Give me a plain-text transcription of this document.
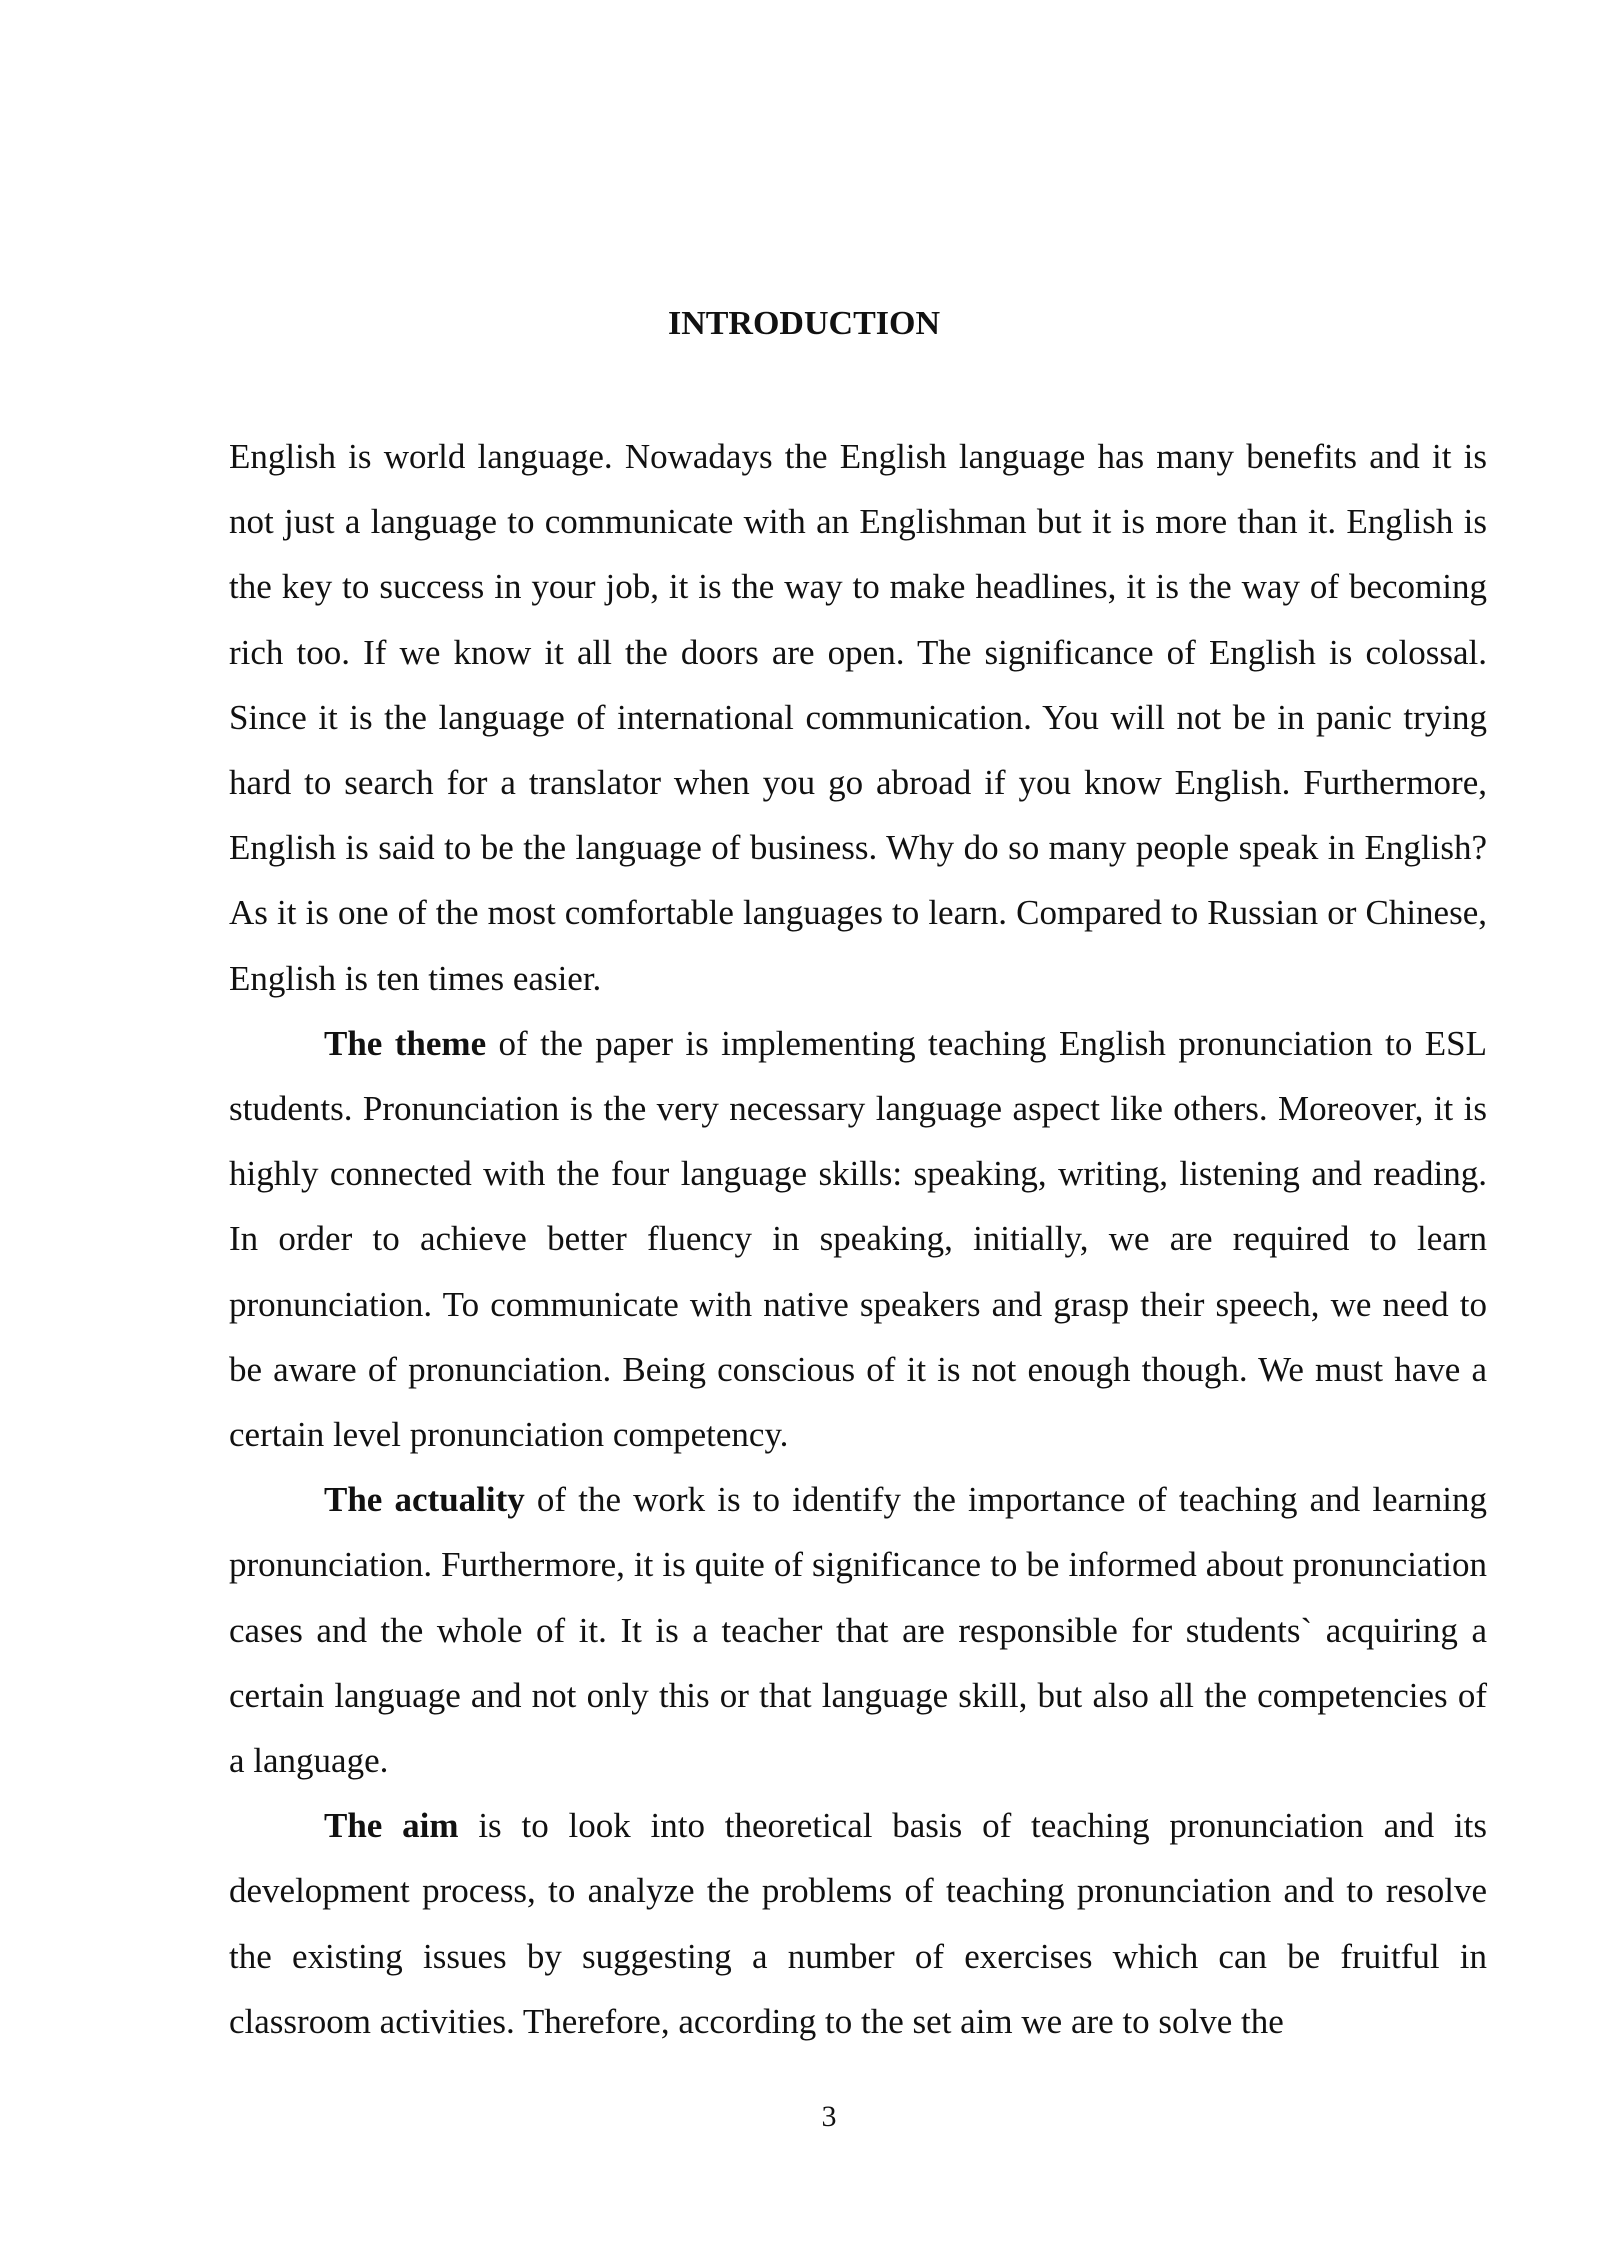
INTRODUCTION

English is world language. Nowadays the English language has many benefits and it is not just a language to communicate with an Englishman but it is more than it. English is the key to success in your job, it is the way to make headlines, it is the way of becoming rich too. If we know it all the doors are open. The significance of English is colossal. Since it is the language of international communication. You will not be in panic trying hard to search for a translator when you go abroad if you know English. Furthermore, English is said to be the language of business. Why do so many people speak in English? As it is one of the most comfortable languages to learn. Compared to Russian or Chinese, English is ten times easier.

The theme of the paper is implementing teaching English pronunciation to ESL students. Pronunciation is the very necessary language aspect like others. Moreover, it is highly connected with the four language skills: speaking, writing, listening and reading. In order to achieve better fluency in speaking, initially, we are required to learn pronunciation. To communicate with native speakers and grasp their speech, we need to be aware of pronunciation. Being conscious of it is not enough though. We must have a certain level pronunciation competency.

The actuality of the work is to identify the importance of teaching and learning pronunciation. Furthermore, it is quite of significance to be informed about pronunciation cases and the whole of it. It is a teacher that are responsible for students` acquiring a certain language and not only this or that language skill, but also all the competencies of a language.

The aim is to look into theoretical basis of teaching pronunciation and its development process, to analyze the problems of teaching pronunciation and to resolve the existing issues by suggesting a number of exercises which can be fruitful in classroom activities. Therefore, according to the set aim we are to solve the

3
